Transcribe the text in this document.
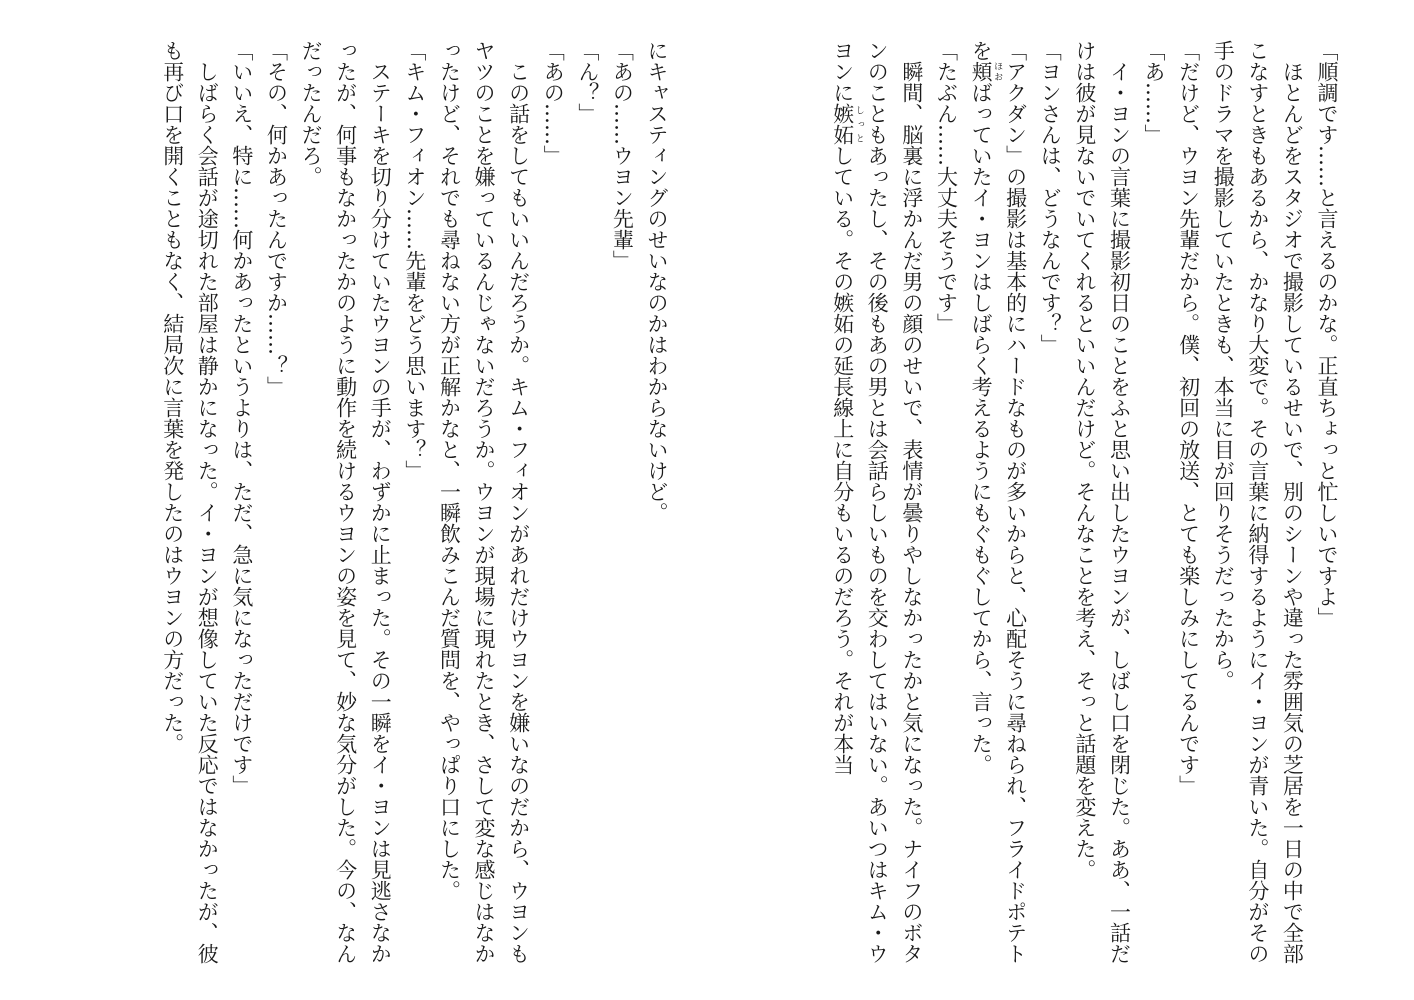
「順調です……と言えるのかな。正直ちょっと忙しいですよ」
ほとんどをスタジオで撮影しているせいで、別のシーンや違った雰囲気の芝居を一日の中で全部こなすときもあるから、かなり大変で。その言葉に納得するようにイ・ヨンが青いた。自分がその手のドラマを撮影していたときも、本当に目が回りそうだったから。
「だけど、ウヨン先輩だから。僕、初回の放送、とても楽しみにしてるんです」
「あ……」
イ・ヨンの言葉に撮影初日のことをふと思い出したウヨンが、しばし口を閉じた。ああ、一話だけは彼が見ないでいてくれるといいんだけど。そんなことを考え、そっと話題を変えた。
「ヨンさんは、どうなんです？」
「アクダン」の撮影は基本的にハードなものが多いからと、心配そうに尋ねられ、フライドポテトを頬 ほおばっていたイ・ヨンはしばらく考えるようにもぐもぐしてから、言った。
「たぶん……大丈夫そうです」
瞬間、脳裏に浮かんだ男の顔のせいで、表情が曇りやしなかったかと気になった。ナイフのボタンのこともあったし、その後もあの男とは会話らしいものを交わしてはいない。あいつはキム・ウヨンに嫉妬 しっとしている。その嫉妬の延長線上に自分もいるのだろう。それが本当
にキャスティングのせいなのかはわからないけど。
「あの……ウヨン先輩」
「ん？」
「あの……」
この話をしてもいいんだろうか。キム・フィオンがあれだけウヨンを嫌いなのだから、ウヨンもヤツのことを嫌っているんじゃないだろうか。ウヨンが現場に現れたとき、さして変な感じはなかったけど、それでも尋ねない方が正解かなと、一瞬飲みこんだ質問を、やっぱり口にした。
「キム・フィオン……先輩をどう思います？」
ステーキを切り分けていたウヨンの手が、わずかに止まった。その一瞬をイ・ヨンは見逃さなかったが、何事もなかったかのように動作を続けるウヨンの姿を見て、妙な気分がした。今の、なんだったんだろ。
「その、何かあったんですか……？」
「いいえ、特に……何かあったというよりは、ただ、急に気になっただけです」
しばらく会話が途切れた部屋は静かになった。イ・ヨンが想像していた反応ではなかったが、彼も再び口を開くこともなく、結局次に言葉を発したのはウヨンの方だった。
